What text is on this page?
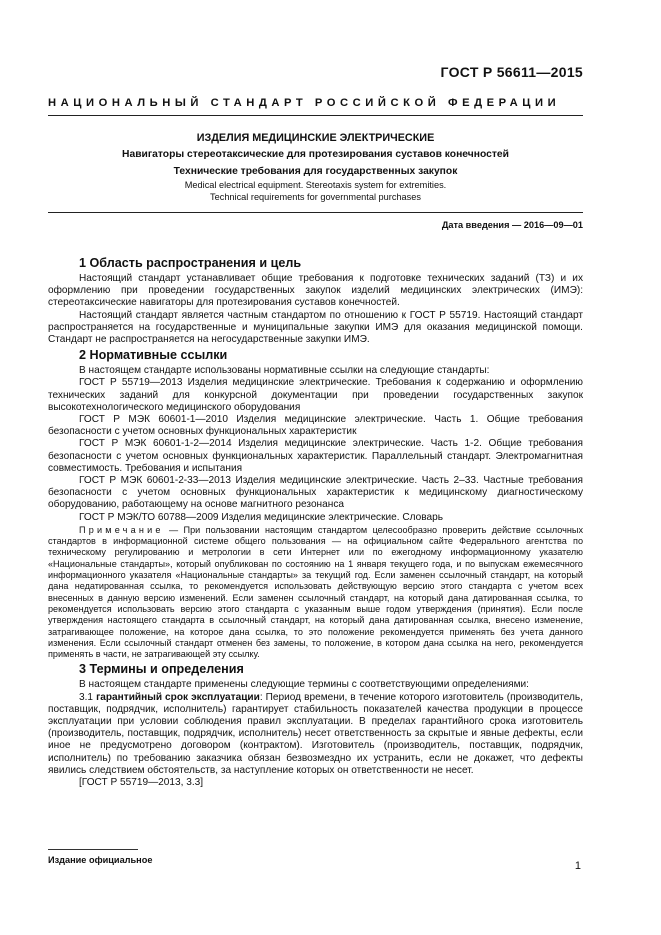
ГОСТ Р 56611—2015
НАЦИОНАЛЬНЫЙ СТАНДАРТ РОССИЙСКОЙ ФЕДЕРАЦИИ
ИЗДЕЛИЯ МЕДИЦИНСКИЕ ЭЛЕКТРИЧЕСКИЕ
Навигаторы стереотаксические для протезирования суставов конечностей
Технические требования для государственных закупок
Medical electrical equipment. Stereotaxis system for extremities.
Technical requirements for governmental purchases
Дата введения — 2016—09—01
1 Область распространения и цель

Настоящий стандарт устанавливает общие требования к подготовке технических заданий (ТЗ) и их оформлению при проведении государственных закупок изделий медицинских электрических (ИМЭ): стереотаксические навигаторы для протезирования суставов конечностей.

Настоящий стандарт является частным стандартом по отношению к ГОСТ Р 55719. Настоящий стандарт распространяется на государственные и муниципальные закупки ИМЭ для оказания медицинской помощи. Стандарт не распространяется на негосударственные закупки ИМЭ.

2 Нормативные ссылки

В настоящем стандарте использованы нормативные ссылки на следующие стандарты:

ГОСТ Р 55719—2013 Изделия медицинские электрические. Требования к содержанию и оформлению технических заданий для конкурсной документации при проведении государственных закупок высокотехнологического медицинского оборудования

ГОСТ Р МЭК 60601-1—2010 Изделия медицинские электрические. Часть 1. Общие требования безопасности с учетом основных функциональных характеристик

ГОСТ Р МЭК 60601-1-2—2014 Изделия медицинские электрические. Часть 1-2. Общие требования безопасности с учетом основных функциональных характеристик. Параллельный стандарт. Электромагнитная совместимость. Требования и испытания

ГОСТ Р МЭК 60601-2-33—2013 Изделия медицинские электрические. Часть 2–33. Частные требования безопасности с учетом основных функциональных характеристик к медицинскому диагностическому оборудованию, работающему на основе магнитного резонанса

ГОСТ Р МЭК/ТО 60788—2009 Изделия медицинские электрические. Словарь

Примечание — При пользовании настоящим стандартом целесообразно проверить действие ссылочных стандартов в информационной системе общего пользования — на официальном сайте Федерального агентства по техническому регулированию и метрологии в сети Интернет или по ежегодному информационному указателю «Национальные стандарты», который опубликован по состоянию на 1 января текущего года, и по выпускам ежемесячного информационного указателя «Национальные стандарты» за текущий год. Если заменен ссылочный стандарт, на который дана недатированная ссылка, то рекомендуется использовать действующую версию этого стандарта с учетом всех внесенных в данную версию изменений. Если заменен ссылочный стандарт, на который дана датированная ссылка, то рекомендуется использовать версию этого стандарта с указанным выше годом утверждения (принятия). Если после утверждения настоящего стандарта в ссылочный стандарт, на который дана датированная ссылка, внесено изменение, затрагивающее положение, на которое дана ссылка, то это положение рекомендуется применять без учета данного изменения. Если ссылочный стандарт отменен без замены, то положение, в котором дана ссылка на него, рекомендуется применять в части, не затрагивающей эту ссылку.
3 Термины и определения

В настоящем стандарте применены следующие термины с соответствующими определениями:

3.1 гарантийный срок эксплуатации: Период времени, в течение которого изготовитель (производитель, поставщик, подрядчик, исполнитель) гарантирует стабильность показателей качества продукции в процессе эксплуатации при условии соблюдения правил эксплуатации. В пределах гарантийного срока изготовитель (производитель, поставщик, подрядчик, исполнитель) несет ответственность за скрытые и явные дефекты, если иное не предусмотрено договором (контрактом). Изготовитель (производитель, поставщик, подрядчик, исполнитель) по требованию заказчика обязан безвозмездно их устранить, если не докажет, что дефекты явились следствием обстоятельств, за наступление которых он ответственности не несет.

[ГОСТ Р 55719—2013, 3.3]

Издание официальное	1
